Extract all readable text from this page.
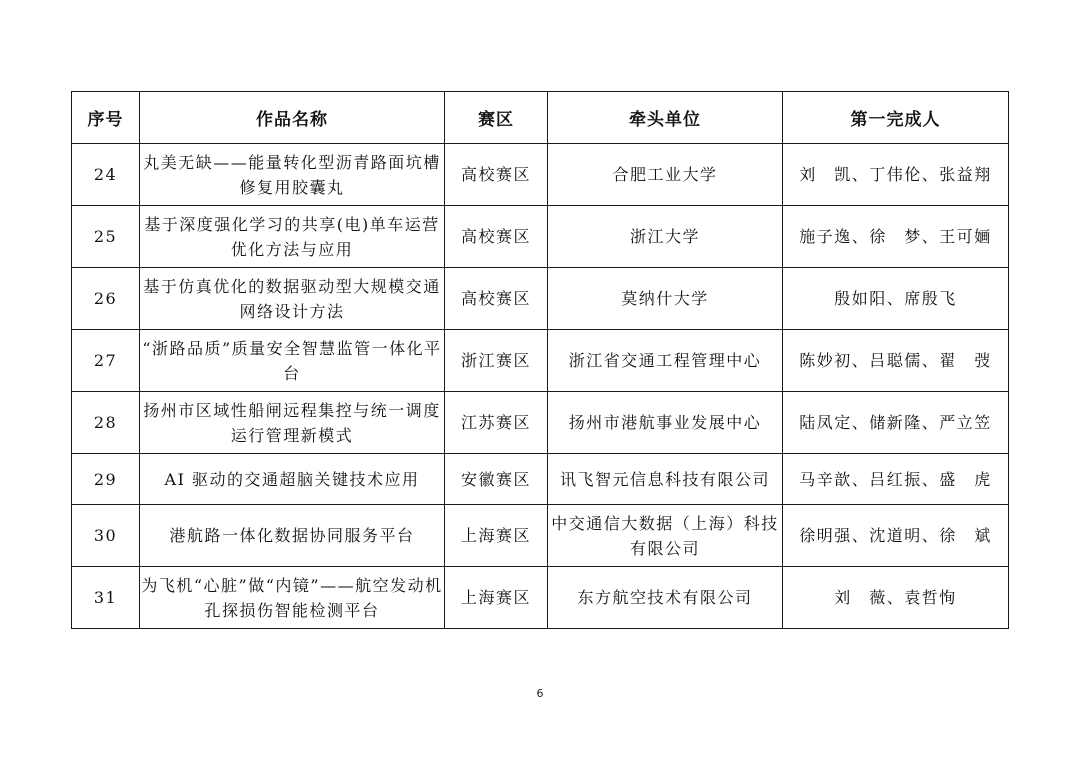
序号	作品名称	赛区	牵头单位	第一完成人
24	丸美无缺——能量转化型沥青路面坑槽修复用胶囊丸	高校赛区	合肥工业大学	刘　凯、丁伟伦、张益翔
25	基于深度强化学习的共享(电)单车运营优化方法与应用	高校赛区	浙江大学	施子逸、徐　梦、王可婳
26	基于仿真优化的数据驱动型大规模交通网络设计方法	高校赛区	莫纳什大学	殷如阳、席殷飞
27	“浙路品质”质量安全智慧监管一体化平台	浙江赛区	浙江省交通工程管理中心	陈妙初、吕聪儒、翟　弢
28	扬州市区域性船闸远程集控与统一调度运行管理新模式	江苏赛区	扬州市港航事业发展中心	陆凤定、储新隆、严立笠
29	AI 驱动的交通超脑关键技术应用	安徽赛区	讯飞智元信息科技有限公司	马辛歆、吕红振、盛　虎
30	港航路一体化数据协同服务平台	上海赛区	中交通信大数据（上海）科技有限公司	徐明强、沈道明、徐　斌
31	为飞机“心脏”做“内镜”——航空发动机孔探损伤智能检测平台	上海赛区	东方航空技术有限公司	刘　薇、袁哲恂
6
